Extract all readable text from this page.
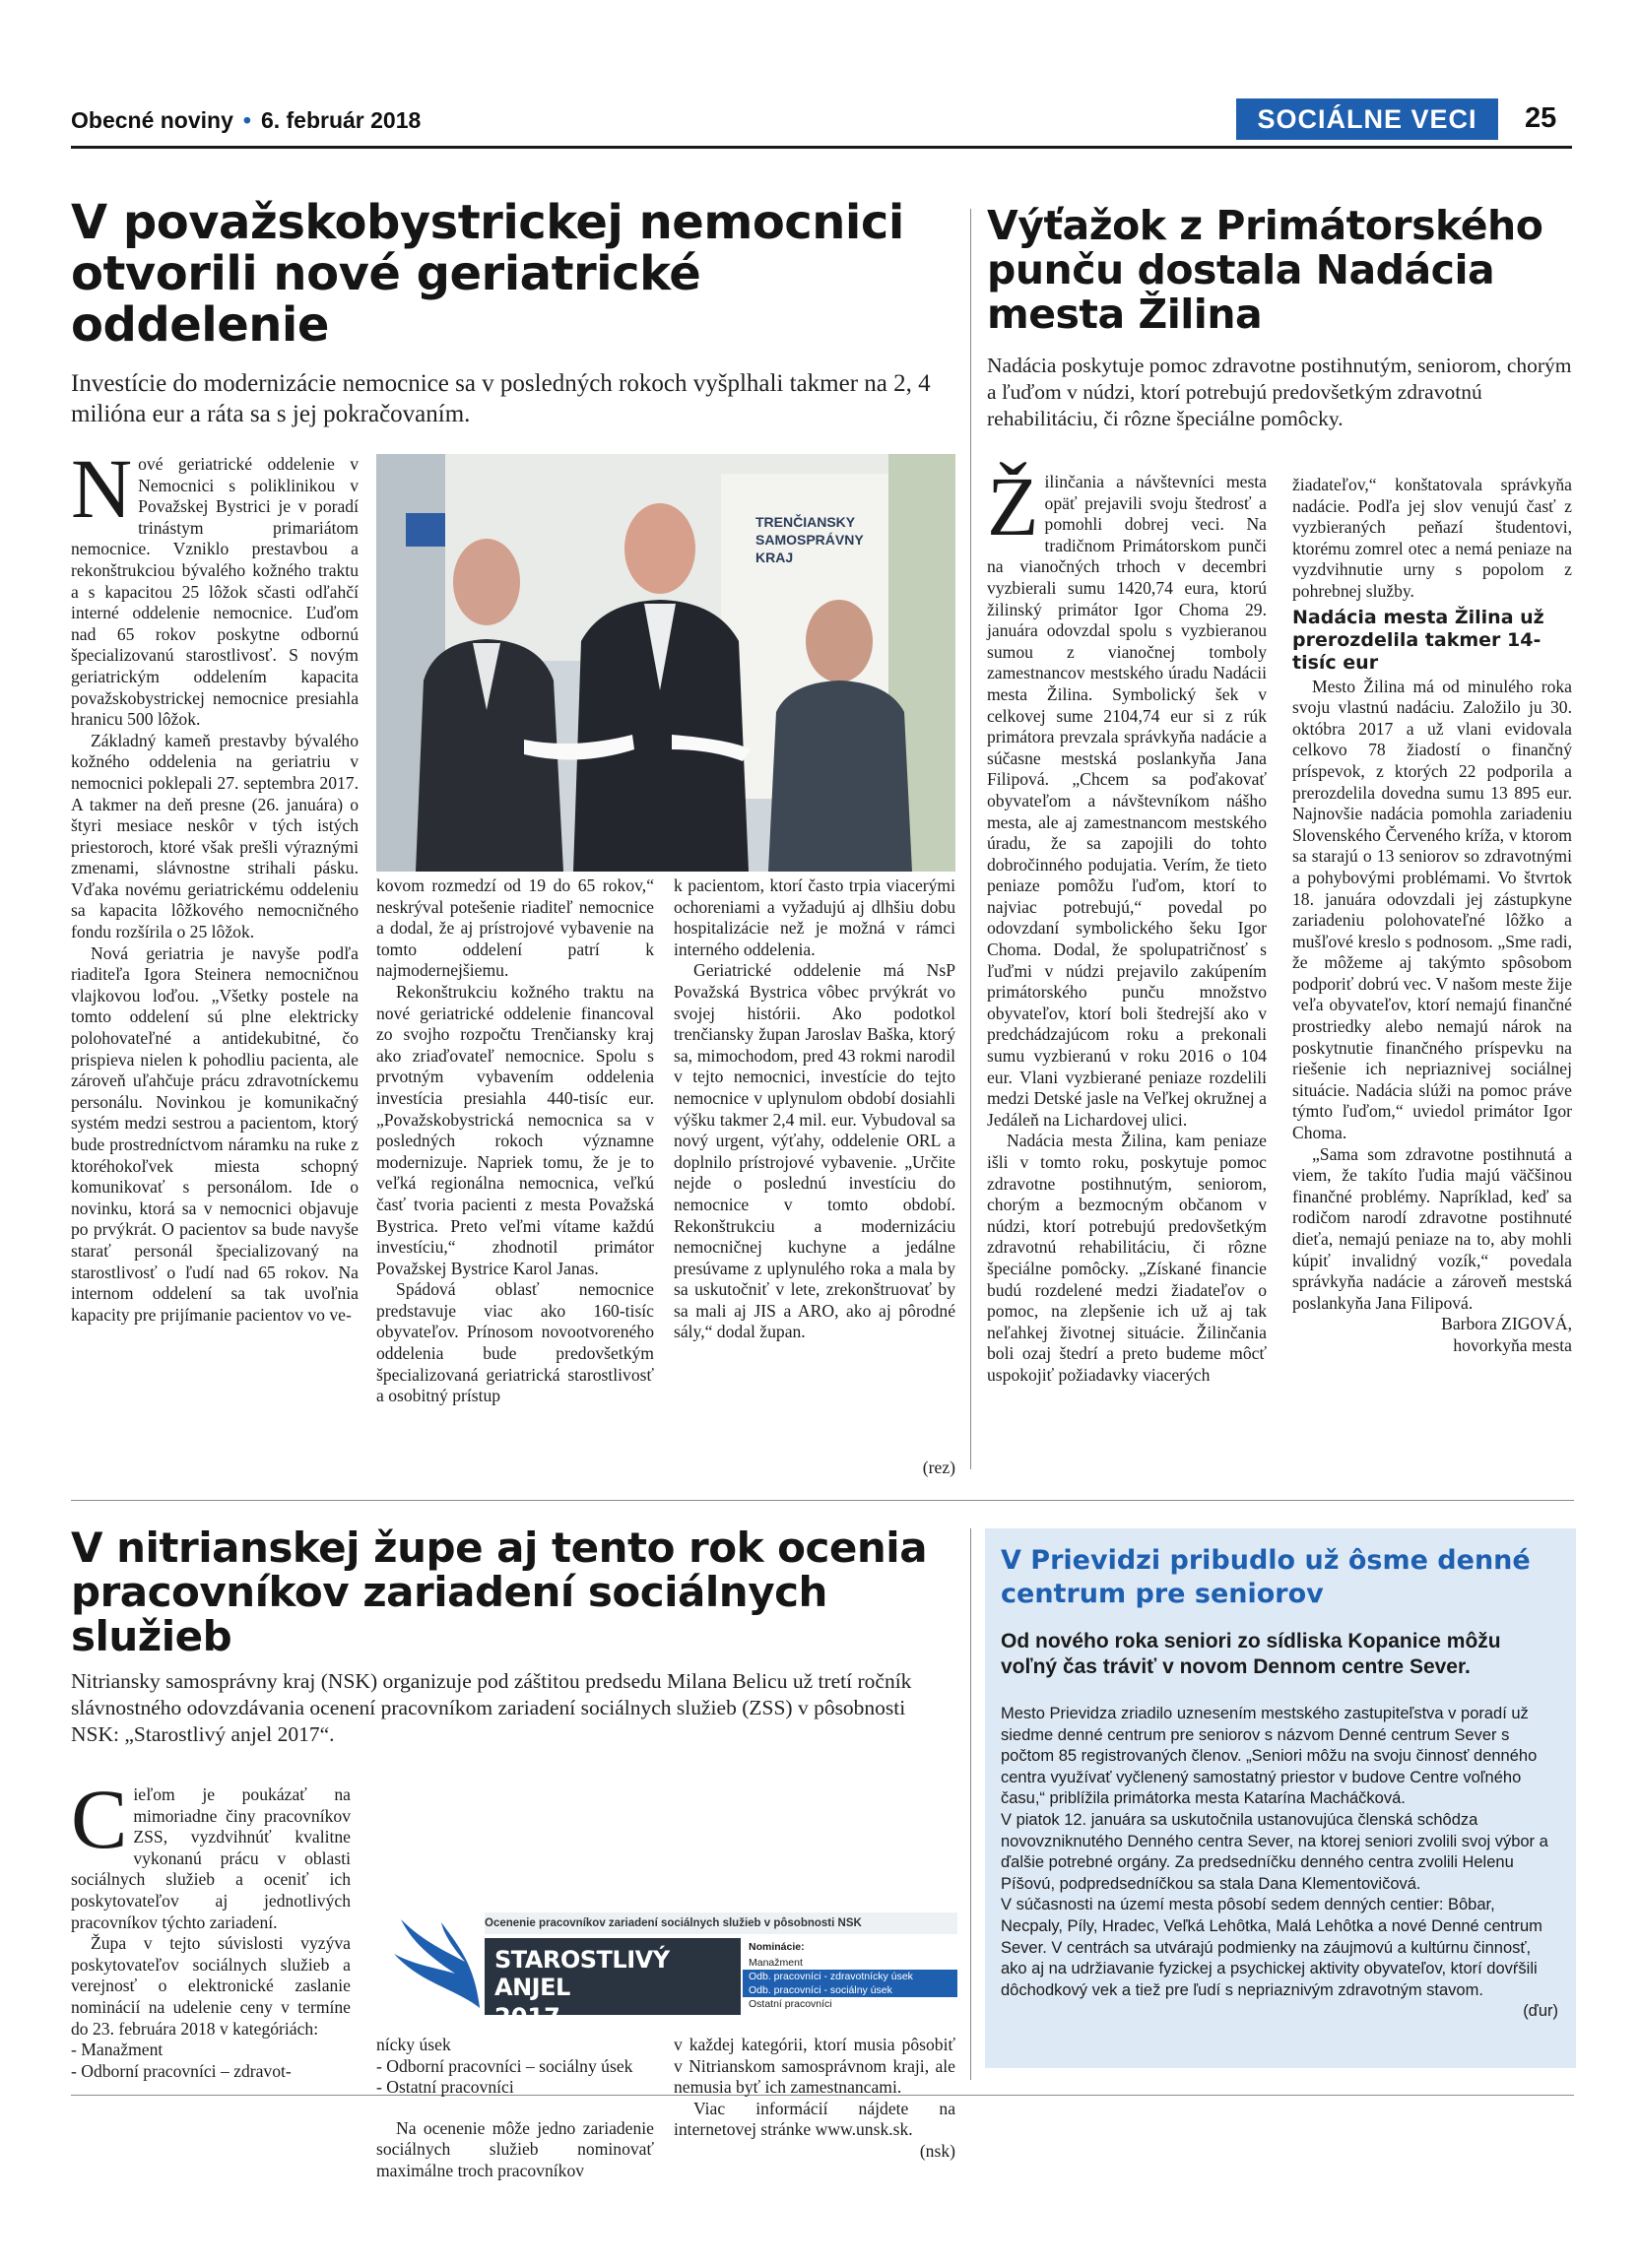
Obecné noviny • 6. február 2018	SOCIÁLNE VECI	25
V považskobystrickej nemocnici otvorili nové geriatrické oddelenie
Investície do modernizácie nemocnice sa v posledných rokoch vyšplhali takmer na 2, 4 milióna eur a ráta sa s jej pokračovaním.

Nové geriatrické oddelenie v Nemocnici s poliklinikou v Považskej Bystrici je v poradí trinástym primariátom nemocnice. Vzniklo prestavbou a rekonštrukciou bývalého kožného traktu a s kapacitou 25 lôžok sčasti odľahčí interné oddelenie nemocnice. Ľuďom nad 65 rokov poskytne odbornú špecializovanú starostlivosť. S novým geriatrickým oddelením kapacita považskobystrickej nemocnice presiahla hranicu 500 lôžok.

Základný kameň prestavby bývalého kožného oddelenia na geriatriu v nemocnici poklepali 27. septembra 2017. A takmer na deň presne (26. januára) o štyri mesiace neskôr v tých istých priestoroch, ktoré však prešli výraznými zmenami, slávnostne strihali pásku. Vďaka novému geriatrickému oddeleniu sa kapacita lôžkového nemocničného fondu rozšírila o 25 lôžok.

Nová geriatria je navyše podľa riaditeľa Igora Steinera nemocničnou vlajkovou loďou. „Všetky postele na tomto oddelení sú plne elektricky polohovateľné a antidekubitné, čo prispieva nielen k pohodliu pacienta, ale zároveň uľahčuje prácu zdravotníckemu personálu. Novinkou je komunikačný systém medzi sestrou a pacientom, ktorý bude prostredníctvom náramku na ruke z ktoréhokoľvek miesta schopný komunikovať s personálom. Ide o novinku, ktorá sa v nemocnici objavuje po prvýkrát. O pacientov sa bude navyše starať personál špecializovaný na starostlivosť o ľudí nad 65 rokov. Na internom oddelení sa tak uvoľnia kapacity pre prijímanie pacientov vo ve-

TRENČIANSKY
SAMOSPRÁVNY
KRAJ

kovom rozmedzí od 19 do 65 rokov,“ neskrýval potešenie riaditeľ nemocnice a dodal, že aj prístrojové vybavenie na tomto oddelení patrí k najmodernejšiemu.

Rekonštrukciu kožného traktu na nové geriatrické oddelenie financoval zo svojho rozpočtu Trenčiansky kraj ako zriaďovateľ nemocnice. Spolu s prvotným vybavením oddelenia investícia presiahla 440-tisíc eur. „Považskobystrická nemocnica sa v posledných rokoch významne modernizuje. Napriek tomu, že je to veľká regionálna nemocnica, veľkú časť tvoria pacienti z mesta Považská Bystrica. Preto veľmi vítame každú investíciu,“ zhodnotil primátor Považskej Bystrice Karol Janas.

Spádová oblasť nemocnice predstavuje viac ako 160-tisíc obyvateľov. Prínosom novootvoreného oddelenia bude predovšetkým špecializovaná geriatrická starostlivosť a osobitný prístup

k pacientom, ktorí často trpia viacerými ochoreniami a vyžadujú aj dlhšiu dobu hospitalizácie než je možná v rámci interného oddelenia.

Geriatrické oddelenie má NsP Považská Bystrica vôbec prvýkrát vo svojej histórii. Ako podotkol trenčiansky župan Jaroslav Baška, ktorý sa, mimochodom, pred 43 rokmi narodil v tejto nemocnici, investície do tejto nemocnice v uplynulom období dosiahli výšku takmer 2,4 mil. eur. Vybudoval sa nový urgent, výťahy, oddelenie ORL a doplnilo prístrojové vybavenie. „Určite nejde o poslednú investíciu do nemocnice v tomto období. Rekonštrukciu a modernizáciu nemocničnej kuchyne a jedálne presúvame z uplynulého roka a mala by sa uskutočniť v lete, zrekonštruovať by sa mali aj JIS a ARO, ako aj pôrodné sály,“ dodal župan.

(rez)
Výťažok z Primátorského punču dostala Nadácia mesta Žilina
Nadácia poskytuje pomoc zdravotne postihnutým, seniorom, chorým a ľuďom v núdzi, ktorí potrebujú predovšetkým zdravotnú rehabilitáciu, či rôzne špeciálne pomôcky.

Žilinčania a návštevníci mesta opäť prejavili svoju štedrosť a pomohli dobrej veci. Na tradičnom Primátorskom punči na vianočných trhoch v decembri vyzbierali sumu 1420,74 eura, ktorú žilinský primátor Igor Choma 29. januára odovzdal spolu s vyzbieranou sumou z vianočnej tomboly zamestnancov mestského úradu Nadácii mesta Žilina. Symbolický šek v celkovej sume 2104,74 eur si z rúk primátora prevzala správkyňa nadácie a súčasne mestská poslankyňa Jana Filipová. „Chcem sa poďakovať obyvateľom a návštevníkom nášho mesta, ale aj zamestnancom mestského úradu, že sa zapojili do tohto dobročinného podujatia. Verím, že tieto peniaze pomôžu ľuďom, ktorí to najviac potrebujú,“ povedal po odovzdaní symbolického šeku Igor Choma. Dodal, že spolupatričnosť s ľuďmi v núdzi prejavilo zakúpením primátorského punču množstvo obyvateľov, ktorí boli štedrejší ako v predchádzajúcom roku a prekonali sumu vyzbieranú v roku 2016 o 104 eur. Vlani vyzbierané peniaze rozdelili medzi Detské jasle na Veľkej okružnej a Jedáleň na Lichardovej ulici.

Nadácia mesta Žilina, kam peniaze išli v tomto roku, poskytuje pomoc zdravotne postihnutým, seniorom, chorým a bezmocným občanom v núdzi, ktorí potrebujú predovšetkým zdravotnú rehabilitáciu, či rôzne špeciálne pomôcky. „Získané financie budú rozdelené medzi žiadateľov o pomoc, na zlepšenie ich už aj tak neľahkej životnej situácie. Žilinčania boli ozaj štedrí a preto budeme môcť uspokojiť požiadavky viacerých

žiadateľov,“ konštatovala správkyňa nadácie. Podľa jej slov venujú časť z vyzbieraných peňazí študentovi, ktorému zomrel otec a nemá peniaze na vyzdvihnutie urny s popolom z pohrebnej služby.

Nadácia mesta Žilina už prerozdelila takmer 14-tisíc eur

Mesto Žilina má od minulého roka svoju vlastnú nadáciu. Založilo ju 30. októbra 2017 a už vlani evidovala celkovo 78 žiadostí o finančný príspevok, z ktorých 22 podporila a prerozdelila dovedna sumu 13 895 eur. Najnovšie nadácia pomohla zariadeniu Slovenského Červeného kríža, v ktorom sa starajú o 13 seniorov so zdravotnými a pohybovými problémami. Vo štvrtok 18. januára odovzdali jej zástupkyne zariadeniu polohovateľné lôžko a mušľové kreslo s podnosom. „Sme radi, že môžeme aj takýmto spôsobom podporiť dobrú vec. V našom meste žije veľa obyvateľov, ktorí nemajú finančné prostriedky alebo nemajú nárok na poskytnutie finančného príspevku na riešenie ich nepriaznivej sociálnej situácie. Nadácia slúži na pomoc práve týmto ľuďom,“ uviedol primátor Igor Choma.

„Sama som zdravotne postihnutá a viem, že takíto ľudia majú väčšinou finančné problémy. Napríklad, keď sa rodičom narodí zdravotne postihnuté dieťa, nemajú peniaze na to, aby mohli kúpiť invalidný vozík,“ povedala správkyňa nadácie a zároveň mestská poslankyňa Jana Filipová.

Barbora ZIGOVÁ,
hovorkyňa mesta
V nitrianskej župe aj tento rok ocenia pracovníkov zariadení sociálnych služieb
Nitriansky samosprávny kraj (NSK) organizuje pod záštitou predsedu Milana Belicu už tretí ročník slávnostného odovzdávania ocenení pracovníkom zariadení sociálnych služieb (ZSS) v pôsobnosti NSK: „Starostlivý anjel 2017“.

Cieľom je poukázať na mimoriadne činy pracovníkov ZSS, vyzdvihnúť kvalitne vykonanú prácu v oblasti sociálnych služieb a oceniť ich poskytovateľov aj jednotlivých pracovníkov týchto zariadení.

Župa v tejto súvislosti vyzýva poskytovateľov sociálnych služieb a verejnosť o elektronické zaslanie nominácií na udelenie ceny v termíne do 23. februára 2018 v kategóriách:

- Manažment
- Odborní pracovníci – zdravot-
Ocenenie pracovníkov zariadení sociálnych služieb v pôsobnosti NSK
STAROSTLIVÝ ANJEL
2017
Nominácie:
Manažment
Odb. pracovníci - zdravotnícky úsek
Odb. pracovníci - sociálny úsek
Ostatní pracovníci
nícky úsek
- Odborní pracovníci – sociálny úsek
- Ostatní pracovníci

Na ocenenie môže jedno zariadenie sociálnych služieb nominovať maximálne troch pracovníkov

v každej kategórii, ktorí musia pôsobiť v Nitrianskom samosprávnom kraji, ale nemusia byť ich zamestnancami.

Viac informácií nájdete na internetovej stránke www.unsk.sk.

(nsk)
V Prievidzi pribudlo už ôsme denné centrum pre seniorov
Od nového roka seniori zo sídliska Kopanice môžu voľný čas tráviť v novom Dennom centre Sever.

Mesto Prievidza zriadilo uznesením mestského zastupiteľstva v poradí už siedme denné centrum pre seniorov s názvom Denné centrum Sever s počtom 85 registrovaných členov. „Seniori môžu na svoju činnosť denného centra využívať vyčlenený samostatný priestor v budove Centre voľného času,“ priblížila primátorka mesta Katarína Macháčková.

V piatok 12. januára sa uskutočnila ustanovujúca členská schôdza novovzniknutého Denného centra Sever, na ktorej seniori zvolili svoj výbor a ďalšie potrebné orgány. Za predsedníčku denného centra zvolili Helenu Píšovú, podpredsedníčkou sa stala Dana Klementovičová.

V súčasnosti na území mesta pôsobí sedem denných centier: Bôbar, Necpaly, Píly, Hradec, Veľká Lehôtka, Malá Lehôtka a nové Denné centrum Sever. V centrách sa utvárajú podmienky na záujmovú a kultúrnu činnosť, ako aj na udržiavanie fyzickej a psychickej aktivity obyvateľov, ktorí dovŕšili dôchodkový vek a tiež pre ľudí s nepriaznivým zdravotným stavom.

(ďur)
